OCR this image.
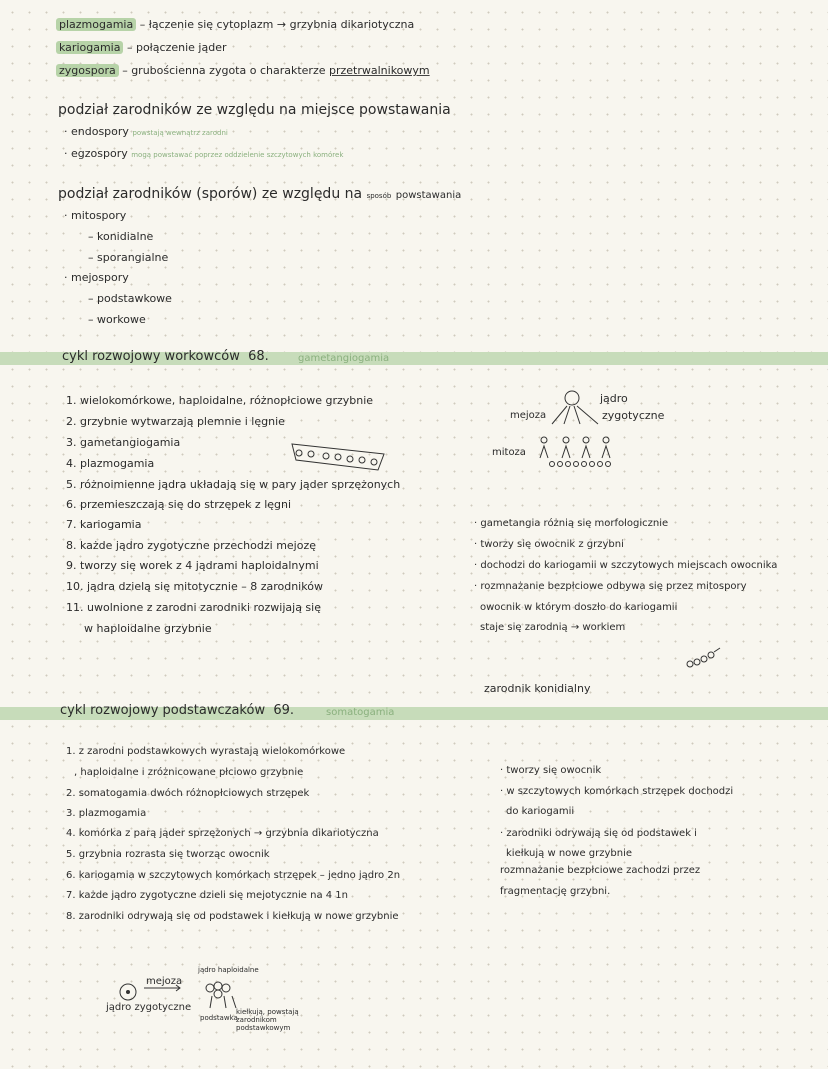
plazmogamia – łączenie się cytoplazm → grzybnia dikariotyczna
kariogamia – połączenie jąder
zygospora – grubościenna zygota o charakterze przetrwalnikowym
podział zarodników ze względu na miejsce powstawania
· endospory powstają wewnątrz zarodni
· egzospory mogą powstawać poprzez oddzielenie szczytowych komórek
podział zarodników (sporów) ze względu na sposób powstawania
· mitospory
– konidialne
– sporangialne
· mejospory
– podstawkowe
– workowe
cykl rozwojowy workowców 68.	gametangiogamia
1. wielokomórkowe, haploidalne, różnopłciowe grzybnie
2. grzybnie wytwarzają plemnie i lęgnie
3. gametangiogamia
4. plazmogamia
5. różnoimienne jądra układają się w pary jąder sprzężonych
6. przemieszczają się do strzępek z lęgni
7. kariogamia
8. każde jądro zygotyczne przechodzi mejozę
9. tworzy się worek z 4 jądrami haploidalnymi
10. jądra dzielą się mitotycznie – 8 zarodników
11. uwolnione z zarodni zarodniki rozwijają się
w haploidalne grzybnie
mejoza
mitoza
jądro
zygotyczne
· gametangia różnią się morfologicznie
· tworzy się owocnik z grzybni
· dochodzi do kariogamii w szczytowych miejscach owocnika
· rozmnażanie bezpłciowe odbywa się przez mitospory
owocnik w którym doszło do kariogamii
staje się zarodnią → workiem
zarodnik konidialny
cykl rozwojowy podstawczaków 69.	somatogamia
1. z zarodni podstawkowych wyrastają wielokomórkowe
, haploidalne i zróżnicowane płciowo grzybnie
2. somatogamia dwóch różnopłciowych strzępek
3. plazmogamia
4. komórka z parą jąder sprzężonych → grzybnia dikariotyczna
5. grzybnia rozrasta się tworząc owocnik
6. kariogamia w szczytowych komórkach strzępek – jedno jądro 2n
7. każde jądro zygotyczne dzieli się mejotycznie na 4 1n
8. zarodniki odrywają się od podstawek i kiełkują w nowe grzybnie
· tworzy się owocnik
· w szczytowych komórkach strzępek dochodzi
do kariogamii
· zarodniki odrywają się od podstawek i
kiełkują w nowe grzybnie
rozmnażanie bezpłciowe zachodzi przez
fragmentację grzybni.
mejoza
jądro zygotyczne
podstawka
jądro haploidalne
kiełkują, powstają zarodnikom podstawkowym
